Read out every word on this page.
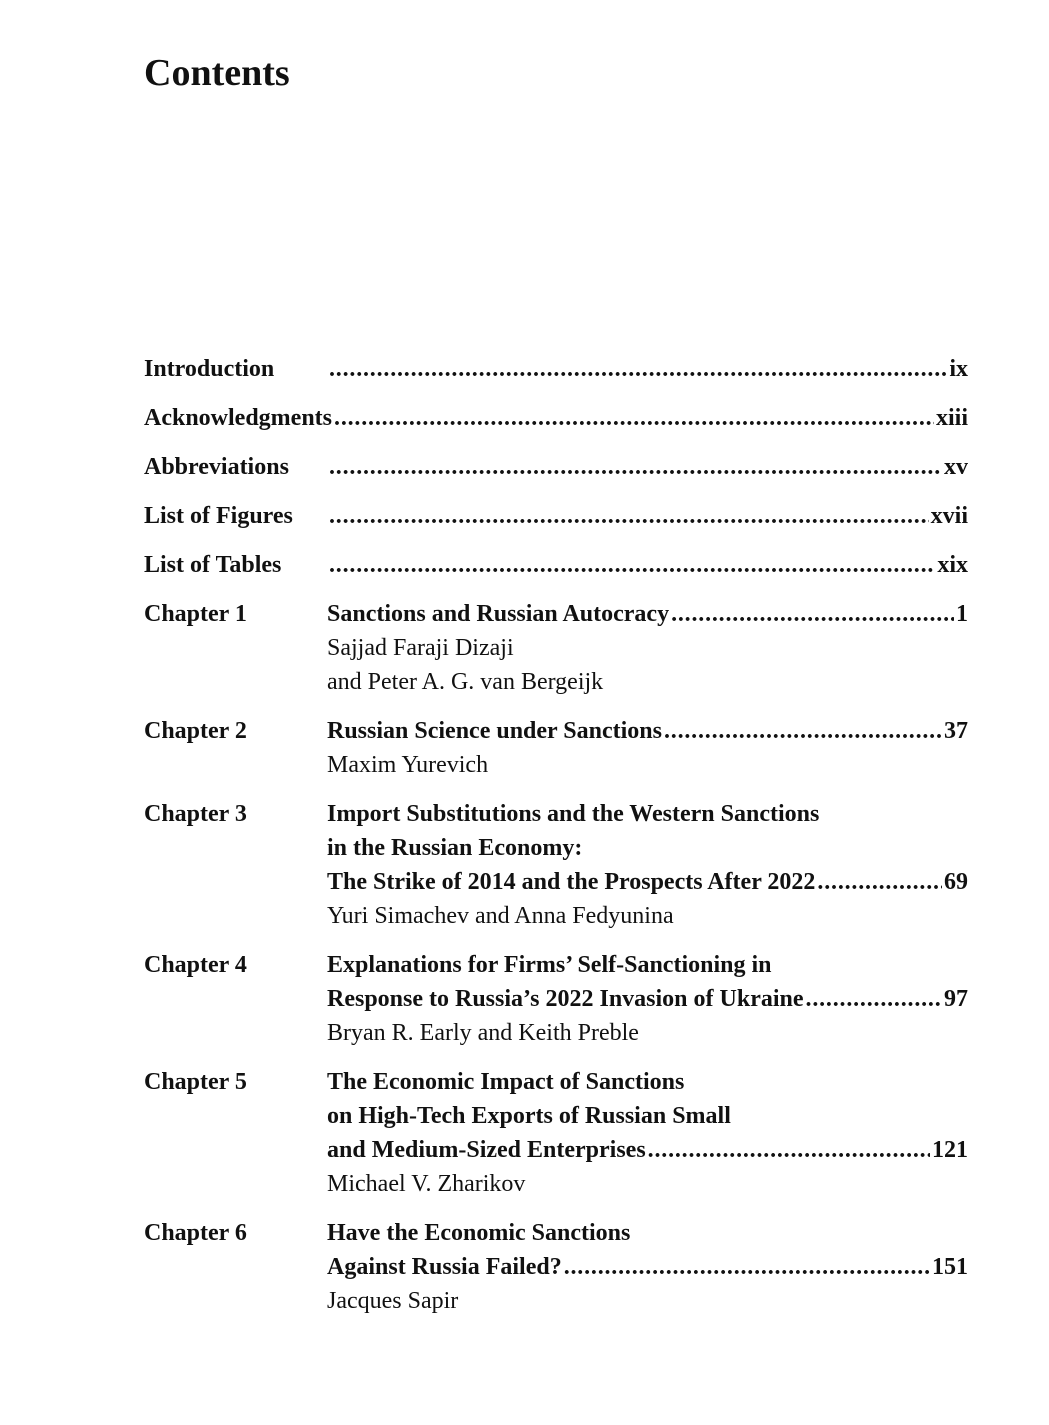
Contents
Introduction . . .	ix
Acknowledgments . . .	xiii
Abbreviations . . .	xv
List of Figures . . .	xvii
List of Tables . . .	xix
Chapter 1	Sanctions and Russian Autocracy . . .	1
Sajjad Faraji Dizaji
and Peter A. G. van Bergeijk
Chapter 2	Russian Science under Sanctions . . .	37
Maxim Yurevich
Chapter 3	Import Substitutions and the Western Sanctions
in the Russian Economy:
The Strike of 2014 and the Prospects After 2022 . . .	69
Yuri Simachev and Anna Fedyunina
Chapter 4	Explanations for Firms’ Self-Sanctioning in
Response to Russia’s 2022 Invasion of Ukraine . . .	97
Bryan R. Early and Keith Preble
Chapter 5	The Economic Impact of Sanctions
on High-Tech Exports of Russian Small
and Medium-Sized Enterprises . . .	121
Michael V. Zharikov
Chapter 6	Have the Economic Sanctions
Against Russia Failed? . . .	151
Jacques Sapir
